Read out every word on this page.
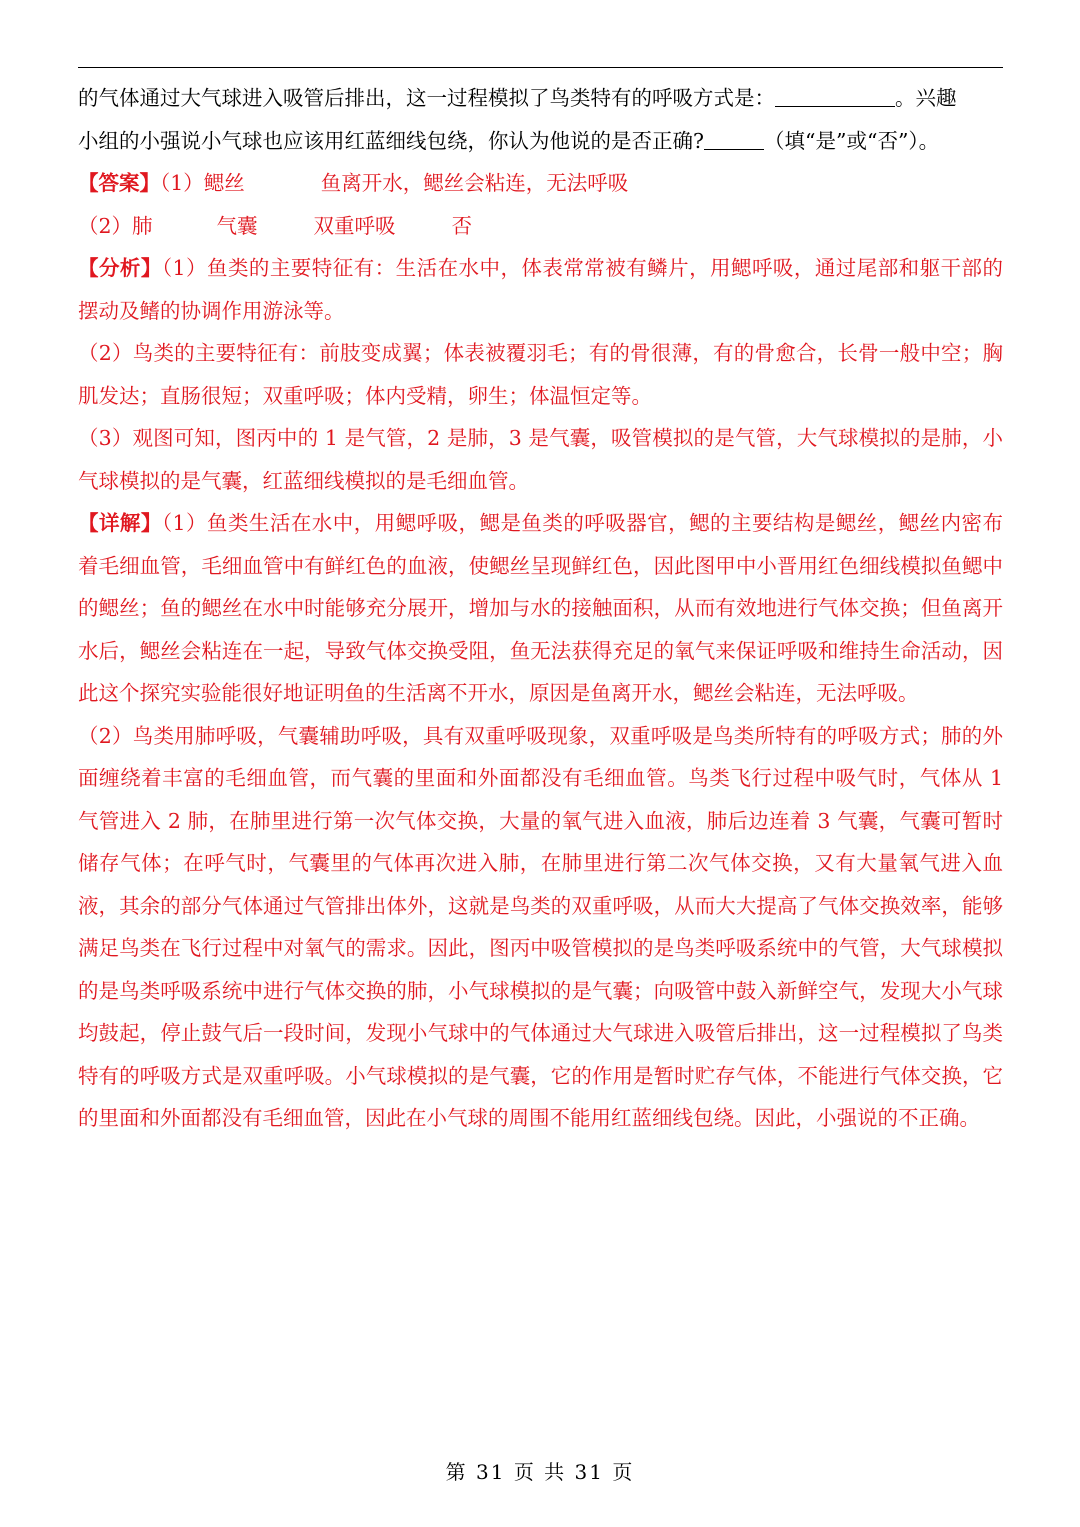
的气体通过大气球进入吸管后排出，这一过程模拟了鸟类特有的呼吸方式是：	。兴趣

小组的小强说小气球也应该用红蓝细线包绕，你认为他说的是否正确?	（填“是”或“否”）。

【答案】（1）鳃丝	鱼离开水，鳃丝会粘连，无法呼吸

（2）肺	气囊	双重呼吸	否

【分析】（1）鱼类的主要特征有：生活在水中，体表常常被有鳞片，用鳃呼吸，通过尾部和躯干部的摆动及鳍的协调作用游泳等。

（2）鸟类的主要特征有：前肢变成翼；体表被覆羽毛；有的骨很薄，有的骨愈合，长骨一般中空；胸肌发达；直肠很短；双重呼吸；体内受精，卵生；体温恒定等。

（3）观图可知，图丙中的 1 是气管，2 是肺，3 是气囊，吸管模拟的是气管，大气球模拟的是肺，小气球模拟的是气囊，红蓝细线模拟的是毛细血管。

【详解】（1）鱼类生活在水中，用鳃呼吸，鳃是鱼类的呼吸器官，鳃的主要结构是鳃丝，鳃丝内密布着毛细血管，毛细血管中有鲜红色的血液，使鳃丝呈现鲜红色，因此图甲中小晋用红色细线模拟鱼鳃中的鳃丝；鱼的鳃丝在水中时能够充分展开，增加与水的接触面积，从而有效地进行气体交换；但鱼离开水后，鳃丝会粘连在一起，导致气体交换受阻，鱼无法获得充足的氧气来保证呼吸和维持生命活动，因此这个探究实验能很好地证明鱼的生活离不开水，原因是鱼离开水，鳃丝会粘连，无法呼吸。

（2）鸟类用肺呼吸，气囊辅助呼吸，具有双重呼吸现象，双重呼吸是鸟类所特有的呼吸方式；肺的外面缠绕着丰富的毛细血管，而气囊的里面和外面都没有毛细血管。鸟类飞行过程中吸气时，气体从 1 气管进入 2 肺，在肺里进行第一次气体交换，大量的氧气进入血液，肺后边连着 3 气囊，气囊可暂时储存气体；在呼气时，气囊里的气体再次进入肺，在肺里进行第二次气体交换，又有大量氧气进入血液，其余的部分气体通过气管排出体外，这就是鸟类的双重呼吸，从而大大提高了气体交换效率，能够满足鸟类在飞行过程中对氧气的需求。因此，图丙中吸管模拟的是鸟类呼吸系统中的气管，大气球模拟的是鸟类呼吸系统中进行气体交换的肺，小气球模拟的是气囊；向吸管中鼓入新鲜空气，发现大小气球均鼓起，停止鼓气后一段时间，发现小气球中的气体通过大气球进入吸管后排出，这一过程模拟了鸟类特有的呼吸方式是双重呼吸。小气球模拟的是气囊，它的作用是暂时贮存气体，不能进行气体交换，它的里面和外面都没有毛细血管，因此在小气球的周围不能用红蓝细线包绕。因此，小强说的不正确。

第 31 页 共 31 页
